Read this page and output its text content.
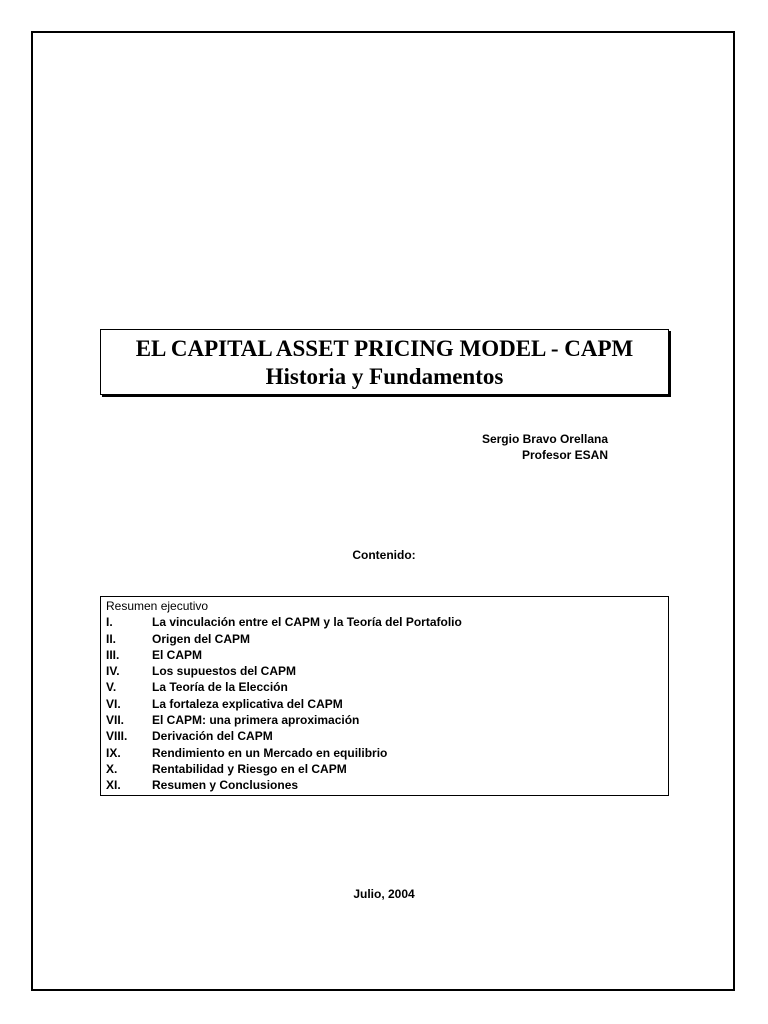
EL CAPITAL ASSET PRICING MODEL - CAPM
Historia y Fundamentos
Sergio Bravo Orellana
Profesor ESAN
Contenido:
Resumen ejecutivo
I.	La vinculación entre el CAPM y la Teoría del Portafolio
II.	Origen del CAPM
III.	El CAPM
IV.	Los supuestos del CAPM
V.	La Teoría de la Elección
VI.	La fortaleza explicativa del CAPM
VII.	El CAPM: una primera aproximación
VIII.	Derivación del CAPM
IX.	Rendimiento en un Mercado en equilibrio
X.	Rentabilidad y Riesgo en el CAPM
XI.	Resumen y Conclusiones
Julio, 2004
